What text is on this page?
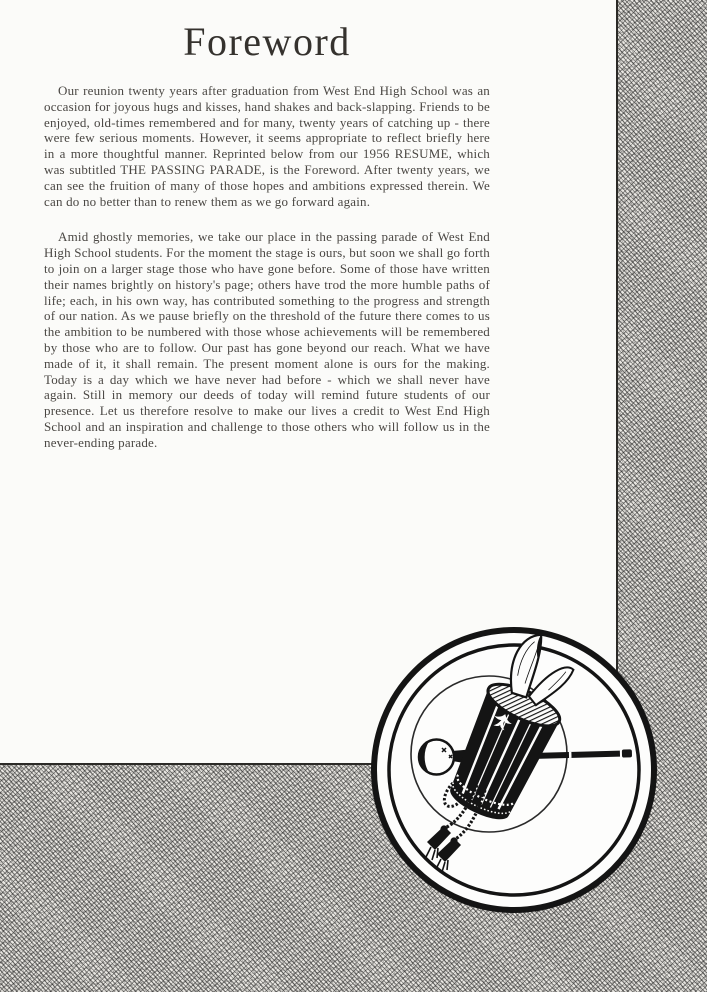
Foreword

Our reunion twenty years after graduation from West End High School was an occasion for joyous hugs and kisses, hand shakes and back-slapping. Friends to be enjoyed, old-times remembered and for many, twenty years of catching up - there were few serious moments. However, it seems appropriate to reflect briefly here in a more thoughtful manner. Reprinted below from our 1956 RESUME, which was subtitled THE PASSING PARADE, is the Foreword. After twenty years, we can see the fruition of many of those hopes and ambitions expressed therein. We can do no better than to renew them as we go forward again.

Amid ghostly memories, we take our place in the passing parade of West End High School students. For the moment the stage is ours, but soon we shall go forth to join on a larger stage those who have gone before. Some of those have written their names brightly on history's page; others have trod the more humble paths of life; each, in his own way, has contributed something to the progress and strength of our nation. As we pause briefly on the threshold of the future there comes to us the ambition to be numbered with those whose achievements will be remembered by those who are to follow. Our past has gone beyond our reach. What we have made of it, it shall remain. The present moment alone is ours for the making. Today is a day which we have never had before - which we shall never have again. Still in memory our deeds of today will remind future students of our presence. Let us therefore resolve to make our lives a credit to West End High School and an inspiration and challenge to those others who will follow us in the never-ending parade.
